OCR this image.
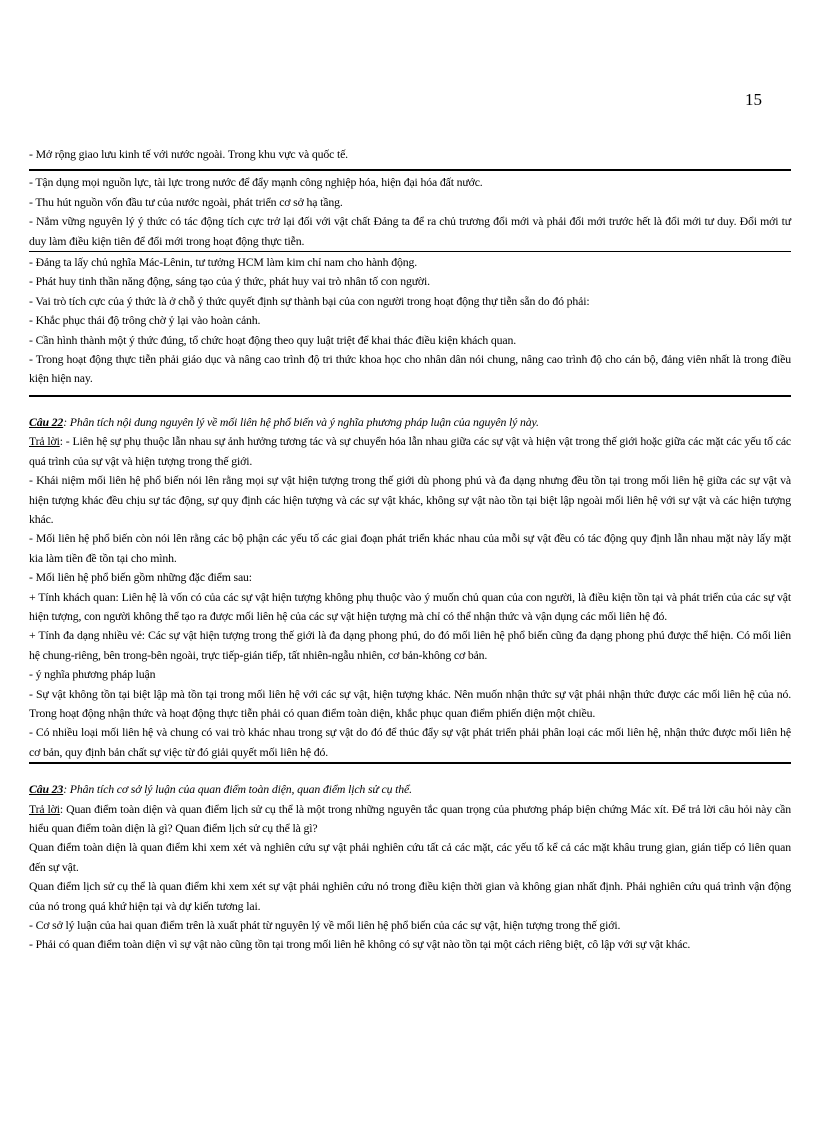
15
- Mở rộng giao lưu kinh tế với nước ngoài. Trong khu vực và quốc tế.
- Tận dụng mọi nguồn lực, tài lực trong nước để đẩy mạnh công nghiệp hóa, hiện đại hóa đất nước.
- Thu hút nguồn vốn đầu tư của nước ngoài, phát triển cơ sở hạ tầng.
- Nắm vững nguyên lý ý thức có tác động tích cực trở lại đối với vật chất Đảng ta để ra chủ trương đổi mới và phải đổi mới trước hết là đổi mới tư duy. Đổi mới tư duy làm điều kiện tiên để đổi mới trong hoạt động thực tiễn.
- Đảng ta lấy chủ nghĩa Mác-Lênin, tư tưởng HCM làm kim chỉ nam cho hành động.
- Phát huy tinh thần năng động, sáng tạo của ý thức, phát huy vai trò nhân tố con người.
- Vai trò tích cực của ý thức là ở chỗ ý thức quyết định sự thành bại của con người trong hoạt động thự tiễn sẵn do đó phải:
- Khắc phục thái độ trông chờ ỷ lại vào hoàn cảnh.
- Cần hình thành một ý thức đúng, tổ chức hoạt động theo quy luật triệt để khai thác điều kiện khách quan.
- Trong hoạt động thực tiễn phải giáo dục và nâng cao trình độ tri thức khoa học cho nhân dân nói chung, nâng cao trình độ cho cán bộ, đảng viên nhất là trong điều kiện hiện nay.
Câu 22: Phân tích nội dung nguyên lý về mối liên hệ phổ biến và ý nghĩa phương pháp luận của nguyên lý này.
Trả lời: - Liên hệ sự phụ thuộc lẫn nhau sự ảnh hưởng tương tác và sự chuyển hóa lẫn nhau giữa các sự vật và hiện vật trong thế giới hoặc giữa các mặt các yếu tố các quá trình của sự vật và hiện tượng trong thế giới.
- Khái niệm mối liên hệ phổ biến nói lên rằng mọi sự vật hiện tượng trong thế giới dù phong phú và đa dạng nhưng đều tồn tại trong mối liên hệ giữa các sự vật và hiện tượng khác đều chịu sự tác động, sự quy định các hiện tượng và các sự vật khác, không sự vật nào tồn tại biệt lập ngoài mối liên hệ với sự vật và các hiện tượng khác.
- Mối liên hệ phổ biến còn nói lên rằng các bộ phận các yếu tố các giai đoạn phát triển khác nhau của mỗi sự vật đều có tác động quy định lẫn nhau mặt này lấy mặt kia làm tiền đề tồn tại cho mình.
- Mối liên hệ phổ biến gồm những đặc điểm sau:
+ Tính khách quan: Liên hệ là vốn có của các sự vật hiện tượng không phụ thuộc vào ý muốn chủ quan của con người, là điều kiện tồn tại và phát triển của các sự vật hiện tượng, con người không thể tạo ra được mối liên hệ của các sự vật hiện tượng mà chỉ có thể nhận thức và vận dụng các mối liên hệ đó.
+ Tính đa dạng nhiều vẻ: Các sự vật hiện tượng trong thế giới là đa dạng phong phú, do đó mối liên hệ phổ biến cũng đa dạng phong phú được thể hiện. Có mối liên hệ chung-riêng, bên trong-bên ngoài, trực tiếp-gián tiếp, tất nhiên-ngẫu nhiên, cơ bản-không cơ bản.
- ý nghĩa phương pháp luận
- Sự vật không tồn tại biệt lập mà tồn tại trong mối liên hệ với các sự vật, hiện tượng khác. Nên muốn nhận thức sự vật phải nhận thức được các mối liên hệ của nó. Trong hoạt động nhận thức và hoạt động thực tiễn phải có quan điểm toàn diện, khắc phục quan điểm phiến diện một chiều.
- Có nhiều loại mối liên hệ và chung có vai trò khác nhau trong sự vật do đó để thúc đẩy sự vật phát triển phải phân loại các mối liên hệ, nhận thức được mối liên hệ cơ bản, quy định bản chất sự việc từ đó giải quyết mối liên hệ đó.
Câu 23: Phân tích cơ sở lý luận của quan điểm toàn diện, quan điểm lịch sử cụ thể.
Trả lời: Quan điểm toàn diện và quan điểm lịch sử cụ thể là một trong những nguyên tắc quan trọng của phương pháp biện chứng Mác xít. Để trả lời câu hỏi này cần hiểu quan điểm toàn diện là gì? Quan điểm lịch sử cụ thể là gì?
Quan điểm toàn diện là quan điểm khi xem xét và nghiên cứu sự vật phải nghiên cứu tất cả các mặt, các yếu tố kể cả các mặt khâu trung gian, gián tiếp có liên quan đến sự vật.
Quan điểm lịch sử cụ thể là quan điểm khi xem xét sự vật phải nghiên cứu nó trong điều kiện thời gian và không gian nhất định. Phải nghiên cứu quá trình vận động của nó trong quá khứ hiện tại và dự kiến tương lai.
- Cơ sở lý luận của hai quan điểm trên là xuất phát từ nguyên lý về mối liên hệ phổ biến của các sự vật, hiện tượng trong thế giới.
- Phải có quan điểm toàn diện vì sự vật nào cũng tồn tại trong mối liên hê không có sự vật nào tồn tại một cách riêng biệt, cô lập với sự vật khác.
